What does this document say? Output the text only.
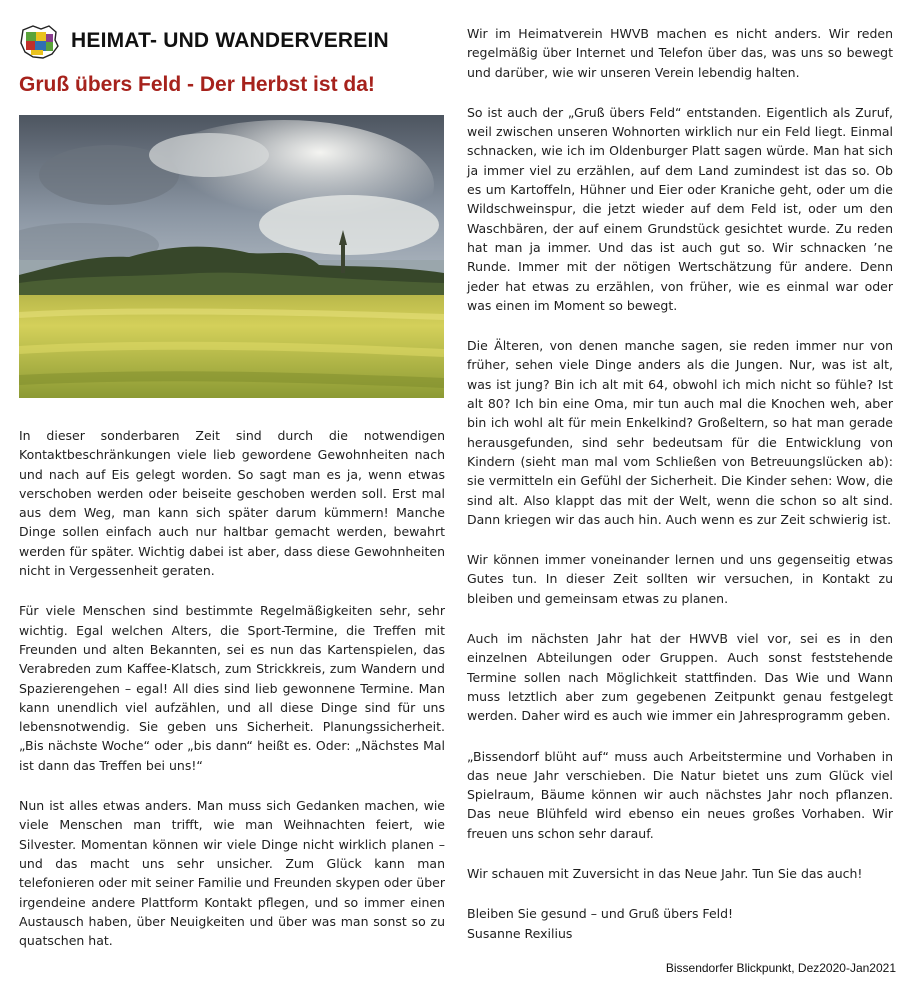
HEIMAT- UND WANDERVEREIN
Gruß übers Feld - Der Herbst ist da!

In dieser sonderbaren Zeit sind durch die notwendigen Kontaktbeschränkungen viele lieb gewordene Gewohnheiten nach und nach auf Eis gelegt worden. So sagt man es ja, wenn etwas verschoben werden oder beiseite geschoben werden soll. Erst mal aus dem Weg, man kann sich später darum kümmern! Manche Dinge sollen einfach auch nur haltbar gemacht werden, bewahrt werden für später. Wichtig dabei ist aber, dass diese Gewohnheiten nicht in Vergessenheit geraten.

Für viele Menschen sind bestimmte Regelmäßigkeiten sehr, sehr wichtig. Egal welchen Alters, die Sport-Termine, die Treffen mit Freunden und alten Bekannten, sei es nun das Kartenspielen, das Verabreden zum Kaffee-Klatsch, zum Strickkreis, zum Wandern und Spazierengehen – egal! All dies sind lieb gewonnene Termine. Man kann unendlich viel aufzählen, und all diese Dinge sind für uns lebensnotwendig. Sie geben uns Sicherheit. Planungssicherheit. „Bis nächste Woche“ oder „bis dann“ heißt es. Oder: „Nächstes Mal ist dann das Treffen bei uns!“

Nun ist alles etwas anders. Man muss sich Gedanken machen, wie viele Menschen man trifft, wie man Weihnachten feiert, wie Silvester. Momentan können wir viele Dinge nicht wirklich planen – und das macht uns sehr unsicher. Zum Glück kann man telefonieren oder mit seiner Familie und Freunden skypen oder über irgendeine andere Plattform Kontakt pflegen, und so immer einen Austausch haben, über Neuigkeiten und über was man sonst so zu quatschen hat.

Wir im Heimatverein HWVB machen es nicht anders. Wir reden regelmäßig über Internet und Telefon über das, was uns so bewegt und darüber, wie wir unseren Verein lebendig halten.

So ist auch der „Gruß übers Feld“ entstanden. Eigentlich als Zuruf, weil zwischen unseren Wohnorten wirklich nur ein Feld liegt. Einmal schnacken, wie ich im Oldenburger Platt sagen würde. Man hat sich ja immer viel zu erzählen, auf dem Land zumindest ist das so. Ob es um Kartoffeln, Hühner und Eier oder Kraniche geht, oder um die Wildschweinspur, die jetzt wieder auf dem Feld ist, oder um den Waschbären, der auf einem Grundstück gesichtet wurde. Zu reden hat man ja immer. Und das ist auch gut so. Wir schnacken ’ne Runde. Immer mit der nötigen Wertschätzung für andere. Denn jeder hat etwas zu erzählen, von früher, wie es einmal war oder was einen im Moment so bewegt.

Die Älteren, von denen manche sagen, sie reden immer nur von früher, sehen viele Dinge anders als die Jungen. Nur, was ist alt, was ist jung? Bin ich alt mit 64, obwohl ich mich nicht so fühle? Ist alt 80? Ich bin eine Oma, mir tun auch mal die Knochen weh, aber bin ich wohl alt für mein Enkelkind? Großeltern, so hat man gerade herausgefunden, sind sehr bedeutsam für die Entwicklung von Kindern (sieht man mal vom Schließen von Betreuungslücken ab): sie vermitteln ein Gefühl der Sicherheit. Die Kinder sehen: Wow, die sind alt. Also klappt das mit der Welt, wenn die schon so alt sind. Dann kriegen wir das auch hin. Auch wenn es zur Zeit schwierig ist.

Wir können immer voneinander lernen und uns gegenseitig etwas Gutes tun. In dieser Zeit sollten wir versuchen, in Kontakt zu bleiben und gemeinsam etwas zu planen.

Auch im nächsten Jahr hat der HWVB viel vor, sei es in den einzelnen Abteilungen oder Gruppen. Auch sonst feststehende Termine sollen nach Möglichkeit stattfinden. Das Wie und Wann muss letztlich aber zum gegebenen Zeitpunkt genau festgelegt werden. Daher wird es auch wie immer ein Jahresprogramm geben.

„Bissendorf blüht auf“ muss auch Arbeitstermine und Vorhaben in das neue Jahr verschieben. Die Natur bietet uns zum Glück viel Spielraum, Bäume können wir auch nächstes Jahr noch pflanzen. Das neue Blühfeld wird ebenso ein neues großes Vorhaben. Wir freuen uns schon sehr darauf.

Wir schauen mit Zuversicht in das Neue Jahr. Tun Sie das auch!

Bleiben Sie gesund – und Gruß übers Feld!

Susanne Rexilius

Bissendorfer Blickpunkt, Dez2020-Jan2021
